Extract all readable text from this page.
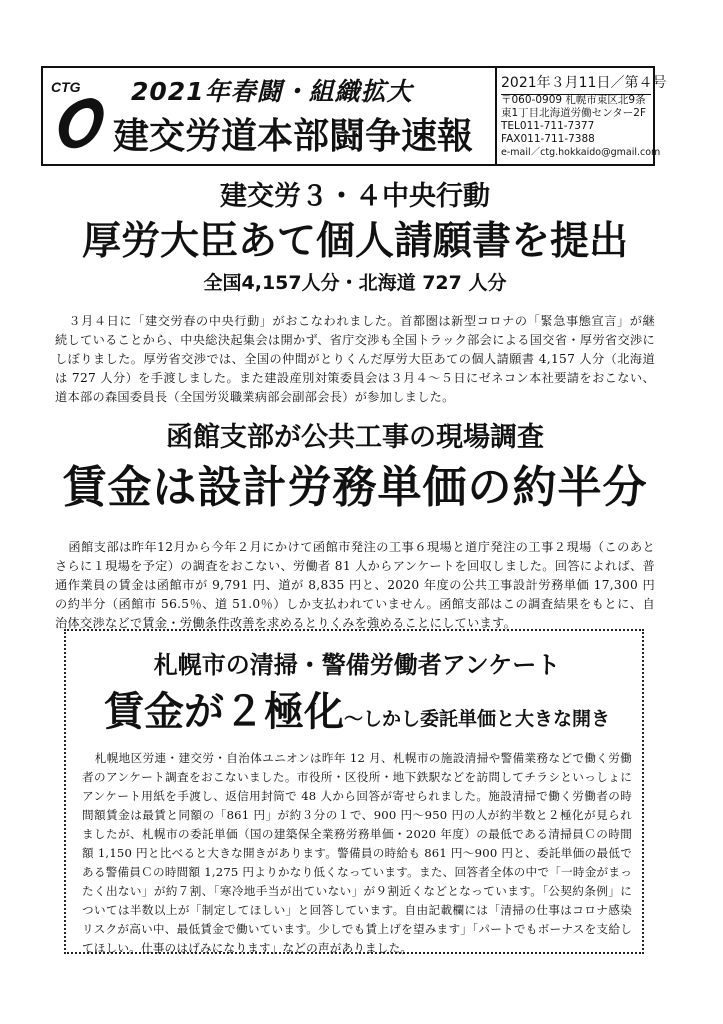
CTG 2021年春闘・組織拡大
建交労道本部闘争速報
2021年３月11日／第４号
〒060-0909 札幌市東区北9条
東1丁目北海道労働センター2F
TEL011-711-7377
FAX011-711-7388
e-mail／ctg.hokkaido@gmail.com
建交労３・４中央行動
厚労大臣あて個人請願書を提出
全国4,157人分・北海道 727 人分
３月４日に「建交労春の中央行動」がおこなわれました。首都圏は新型コロナの「緊急事態宣言」が継続していることから、中央総決起集会は開かず、省庁交渉も全国トラック部会による国交省・厚労省交渉にしぼりました。厚労省交渉では、全国の仲間がとりくんだ厚労大臣あての個人請願書 4,157 人分（北海道は 727 人分）を手渡しました。また建設産別対策委員会は３月４～５日にゼネコン本社要請をおこない、道本部の森国委員長（全国労災職業病部会副部会長）が参加しました。
函館支部が公共工事の現場調査
賃金は設計労務単価の約半分
函館支部は昨年12月から今年２月にかけて函館市発注の工事６現場と道庁発注の工事２現場（このあとさらに１現場を予定）の調査をおこない、労働者 81 人からアンケートを回収しました。回答によれば、普通作業員の賃金は函館市が 9,791 円、道が 8,835 円と、2020 年度の公共工事設計労務単価 17,300 円の約半分（函館市 56.5％、道 51.0％）しか支払われていません。函館支部はこの調査結果をもとに、自治体交渉などで賃金・労働条件改善を求めるとりくみを強めることにしています。
札幌市の清掃・警備労働者アンケート
賃金が２極化～しかし委託単価と大きな開き
札幌地区労連・建交労・自治体ユニオンは昨年 12 月、札幌市の施設清掃や警備業務などで働く労働者のアンケート調査をおこないました。市役所・区役所・地下鉄駅などを訪問してチラシといっしょにアンケート用紙を手渡し、返信用封筒で 48 人から回答が寄せられました。施設清掃で働く労働者の時間額賃金は最賃と同額の「861 円」が約３分の１で、900 円～950 円の人が約半数と２極化が見られましたが、札幌市の委託単価（国の建築保全業務労務単価・2020 年度）の最低である清掃員Ｃの時間額 1,150 円と比べると大きな開きがあります。警備員の時給も 861 円～900 円と、委託単価の最低である警備員Ｃの時間額 1,275 円よりかなり低くなっています。また、回答者全体の中で「一時金がまったく出ない」が約７割、「寒冷地手当が出ていない」が９割近くなどとなっています。「公契約条例」については半数以上が「制定してほしい」と回答しています。自由記載欄には「清掃の仕事はコロナ感染リスクが高い中、最低賃金で働いています。少しでも賃上げを望みます」「パートでもボーナスを支給してほしい。仕事のはげみになります」などの声がありました。
